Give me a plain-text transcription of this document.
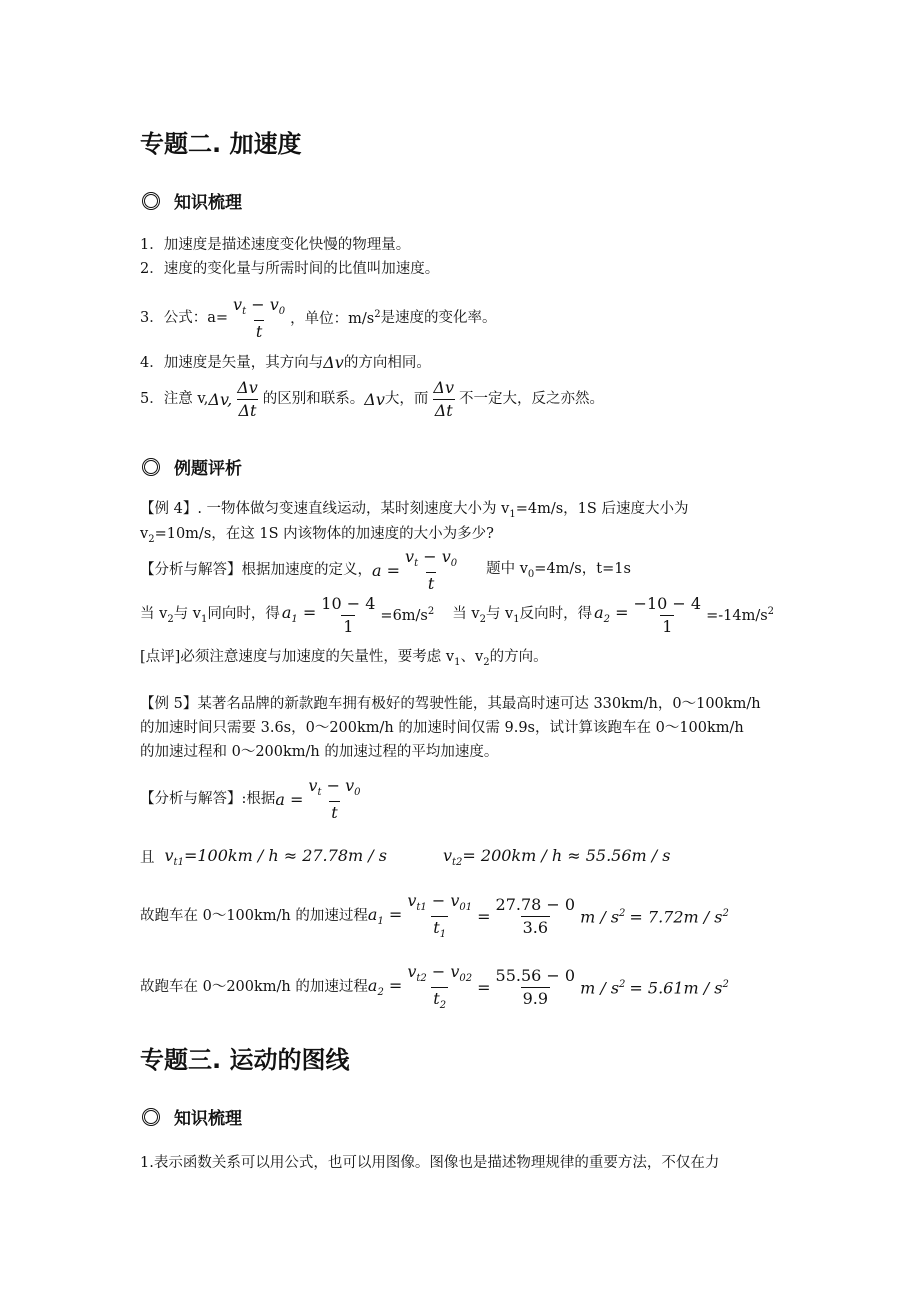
专题二. 加速度
知识梳理
1．加速度是描述速度变化快慢的物理量。
2．速度的变化量与所需时间的比值叫加速度。
3．公式：$a= \frac{v_t - v_0}{t}$ ，单位：$m/s^2$ 是速度的变化率。
4．加速度是矢量，其方向与 Δv 的方向相同。
5．注意 v, Δv, $\frac{\Delta v}{\Delta t}$ 的区别和联系。 Δv 大，而 $\frac{\Delta v}{\Delta t}$ 不一定大，反之亦然。
例题评析
【例 4】. 一物体做匀变速直线运动，某时刻速度大小为 $v_1=4m/s$，1S 后速度大小为
$v_2=10m/s$，在这 1S 内该物体的加速度的大小为多少?
【分析与解答】根据加速度的定义， $a = \frac{v_t - v_0}{t}$ 题中 $v_0=4m/s$，t=1s
当 $v_2$与 $v_1$同向时，得 $a_1 = \frac{10 - 4}{1} =6m/s^2$ 当 $v_2$与 $v_1$反向时，得 $a_2 = \frac{-10 - 4}{1} =-14m/s^2$
[点评]必须注意速度与加速度的矢量性，要考虑 $v_1$、$v_2$的方向。
【例 5】某著名品牌的新款跑车拥有极好的驾驶性能，其最高时速可达 330km/h，0～100km/h
的加速时间只需要 3.6s，0～200km/h 的加速时间仅需 9.9s，试计算该跑车在 0～100km/h
的加速过程和 0～200km/h 的加速过程的平均加速度。
【分析与解答】:根据 $a = \frac{v_t - v_0}{t}$
且 $v_{t1}=100km / h \approx 27.78m / s$	$v_{t2}= 200km / h \approx 55.56m / s$
故跑车在 0～100km/h 的加速过程 $a_1 = \frac{v_{t1} - v_{01}}{t_1} = \frac{27.78 - 0}{3.6}$ $m / s^2 = 7.72m / s^2$
故跑车在 0～200km/h 的加速过程 $a_2 = \frac{v_{t2} - v_{02}}{t_2} = \frac{55.56 - 0}{9.9}$ $m / s^2 = 5.61m / s^2$
专题三. 运动的图线
知识梳理
1.表示函数关系可以用公式，也可以用图像。图像也是描述物理规律的重要方法，不仅在力
